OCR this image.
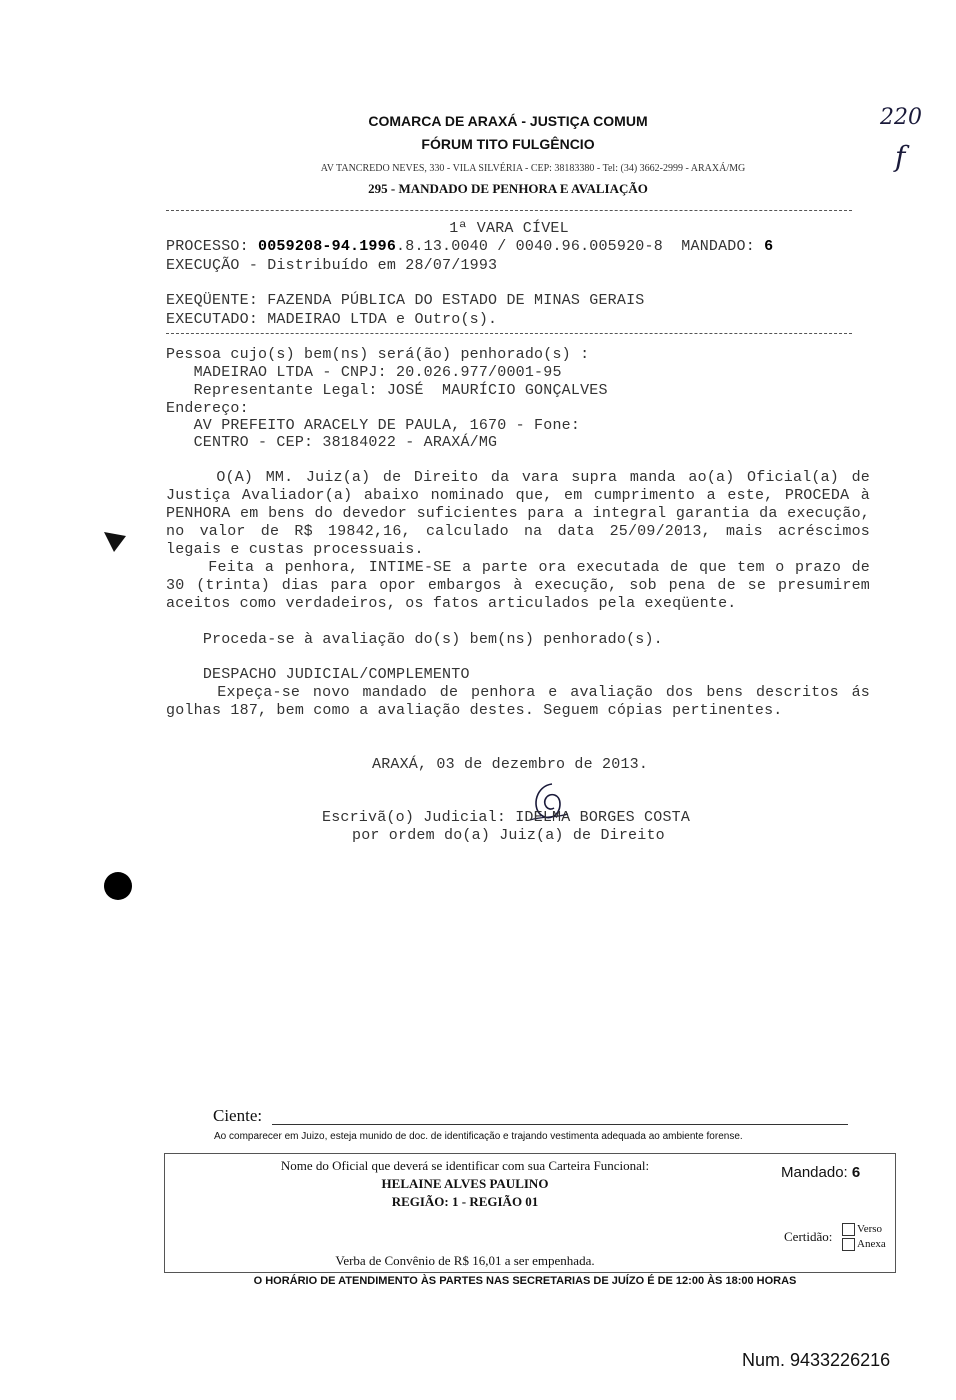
COMARCA DE ARAXÁ - JUSTIÇA COMUM
FÓRUM TITO FULGÊNCIO
AV TANCREDO NEVES, 330 - VILA SILVÉRIA - CEP: 38183380 - Tel: (34) 3662-2999 - ARAXÁ/MG
295 - MANDADO DE PENHORA E AVALIAÇÃO
220
f
1ª VARA CÍVEL
PROCESSO: 0059208-94.1996.8.13.0040 / 0040.96.005920-8  MANDADO: 6
EXECUÇÃO - Distribuído em 28/07/1993
EXEQÜENTE: FAZENDA PÚBLICA DO ESTADO DE MINAS GERAIS
EXECUTADO: MADEIRAO LTDA e Outro(s).
Pessoa cujo(s) bem(ns) será(ão) penhorado(s) :
MADEIRAO LTDA - CNPJ: 20.026.977/0001-95
Representante Legal: JOSÉ  MAURÍCIO GONÇALVES
Endereço:
AV PREFEITO ARACELY DE PAULA, 1670 - Fone:
CENTRO - CEP: 38184022 - ARAXÁ/MG
O(A) MM. Juiz(a) de Direito da vara supra manda ao(a) Oficial(a) de Justiça Avaliador(a) abaixo nominado que, em cumprimento a este, PROCEDA à PENHORA em bens do devedor suficientes para a integral garantia da execução, no valor de R$ 19842,16, calculado na data 25/09/2013, mais acréscimos legais e custas processuais.
Feita a penhora, INTIME-SE a parte ora executada de que tem o prazo de 30 (trinta) dias para opor embargos à execução, sob pena de se presumirem aceitos como verdadeiros, os fatos articulados pela exeqüente.
Proceda-se à avaliação do(s) bem(ns) penhorado(s).
DESPACHO JUDICIAL/COMPLEMENTO
Expeça-se novo mandado de penhora e avaliação dos bens descritos ás golhas 187, bem como a avaliação destes. Seguem cópias pertinentes.
ARAXÁ, 03 de dezembro de 2013.
Escrivã(o) Judicial: IDELMA BORGES COSTA
por ordem do(a) Juiz(a) de Direito
Ciente:
Ao comparecer em Juizo, esteja munido de doc. de identificação e trajando vestimenta adequada ao ambiente forense.
Nome do Oficial que deverá se identificar com sua Carteira Funcional:
HELAINE ALVES PAULINO
REGIÃO: 1 - REGIÃO 01
Mandado: 6
Certidão:	Verso
Anexa
Verba de Convênio de R$ 16,01 a ser empenhada.
O HORÁRIO DE ATENDIMENTO ÀS PARTES NAS SECRETARIAS DE JUÍZO É DE 12:00 ÀS 18:00 HORAS
Num. 9433226216
